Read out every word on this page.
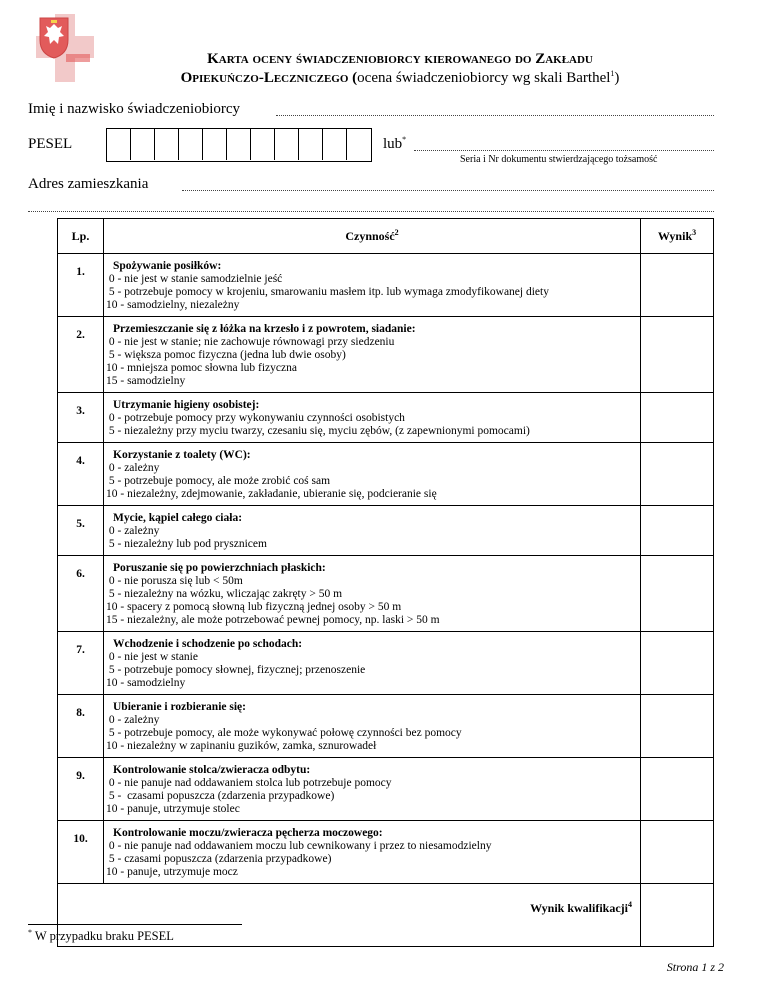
Karta oceny świadczeniobiorcy kierowanego do Zakładu
Opiekuńczo-Leczniczego (ocena świadczeniobiorcy wg skali Barthel$^1$)
Imię i nazwisko świadczeniobiorcy
PESEL	lub*
Seria i Nr dokumentu stwierdzającego tożsamość
Adres zamieszkania
Lp.	Czynność$^2$	Wynik$^3$
1.	Spożywanie posiłków:
0 - nie jest w stanie samodzielnie jeść
5 - potrzebuje pomocy w krojeniu, smarowaniu masłem itp. lub wymaga zmodyfikowanej diety
10 - samodzielny, niezależny	

2.	Przemieszczanie się z łóżka na krzesło i z powrotem, siadanie:
0 - nie jest w stanie; nie zachowuje równowagi przy siedzeniu
5 - większa pomoc fizyczna (jedna lub dwie osoby)
10 - mniejsza pomoc słowna lub fizyczna
15 - samodzielny	

3.	Utrzymanie higieny osobistej:
0 - potrzebuje pomocy przy wykonywaniu czynności osobistych
5 - niezależny przy myciu twarzy, czesaniu się, myciu zębów, (z zapewnionymi pomocami)	

4.	Korzystanie z toalety (WC):
0 - zależny
5 - potrzebuje pomocy, ale może zrobić coś sam
10 - niezależny, zdejmowanie, zakładanie, ubieranie się, podcieranie się	

5.	Mycie, kąpiel całego ciała:
0 - zależny
5 - niezależny lub pod prysznicem	

6.	Poruszanie się po powierzchniach płaskich:
0 - nie porusza się lub < 50m
5 - niezależny na wózku, wliczając zakręty > 50 m
10 - spacery z pomocą słowną lub fizyczną jednej osoby > 50 m
15 - niezależny, ale może potrzebować pewnej pomocy, np. laski > 50 m	

7.	Wchodzenie i schodzenie po schodach:
0 - nie jest w stanie
5 - potrzebuje pomocy słownej, fizycznej; przenoszenie
10 - samodzielny	

8.	Ubieranie i rozbieranie się:
0 - zależny
5 - potrzebuje pomocy, ale może wykonywać połowę czynności bez pomocy
10 - niezależny w zapinaniu guzików, zamka, sznurowadeł	

9.	Kontrolowanie stolca/zwieracza odbytu:
0 - nie panuje nad oddawaniem stolca lub potrzebuje pomocy
5 -  czasami popuszcza (zdarzenia przypadkowe)
10 - panuje, utrzymuje stolec	

10.	Kontrolowanie moczu/zwieracza pęcherza moczowego:
0 - nie panuje nad oddawaniem moczu lub cewnikowany i przez to niesamodzielny
5 - czasami popuszcza (zdarzenia przypadkowe)
10 - panuje, utrzymuje mocz	

Wynik kwalifikacji$^4$	
* W przypadku braku PESEL
Strona 1 z 2
